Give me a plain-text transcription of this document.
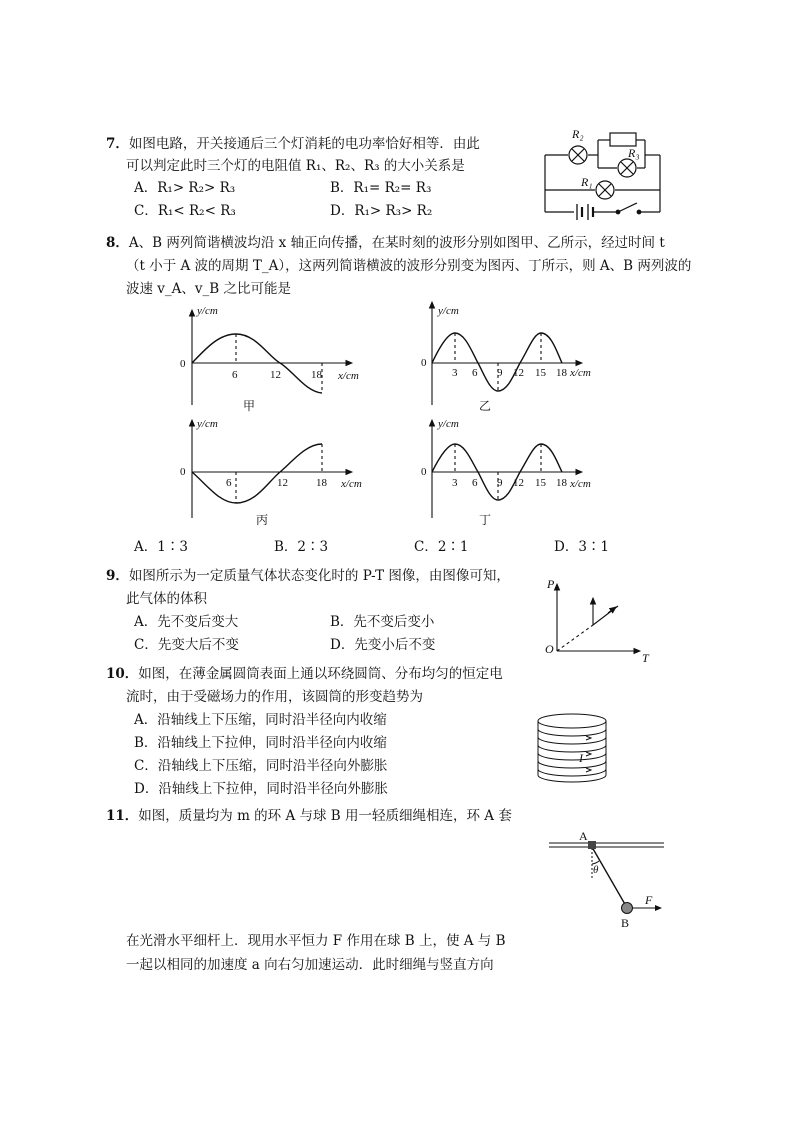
7．如图电路，开关接通后三个灯消耗的电功率恰好相等．由此
可以判定此时三个灯的电阻值 R₁、R₂、R₃ 的大小关系是
A．R₁> R₂> R₃	B．R₁= R₂= R₃
C．R₁< R₂< R₃	D．R₁> R₃> R₂
R₂
R₃
R₁
8．A、B 两列简谐横波均沿 x 轴正向传播，在某时刻的波形分别如图甲、乙所示，经过时间 t
（t 小于 A 波的周期 T_A），这两列简谐横波的波形分别变为图丙、丁所示，则 A、B 两列波的
波速 v_A、v_B 之比可能是
y/cm
0
6	12	18 x/cm
甲
y/cm
0
3 6 9 12 15 18 x/cm
乙
y/cm
0
6	12	18 x/cm
丙
y/cm
0
3 6 9 12 15 18 x/cm
丁
A．1∶3	B．2∶3	C．2∶1	D．3∶1
9．如图所示为一定质量气体状态变化时的 P-T 图像，由图像可知，
此气体的体积
A．先不变后变大	B．先不变后变小
C．先变大后不变	D．先变小后不变
P
T
O
10．如图，在薄金属圆筒表面上通以环绕圆筒、分布均匀的恒定电
流时，由于受磁场力的作用，该圆筒的形变趋势为
A．沿轴线上下压缩，同时沿半径向内收缩
B．沿轴线上下拉伸，同时沿半径向内收缩
C．沿轴线上下压缩，同时沿半径向外膨胀
D．沿轴线上下拉伸，同时沿半径向外膨胀
I
11．如图，质量均为 m 的环 A 与球 B 用一轻质细绳相连，环 A 套
A
θ
B
F
在光滑水平细杆上．现用水平恒力 F 作用在球 B 上，使 A 与 B
一起以相同的加速度 a 向右匀加速运动．此时细绳与竖直方向
